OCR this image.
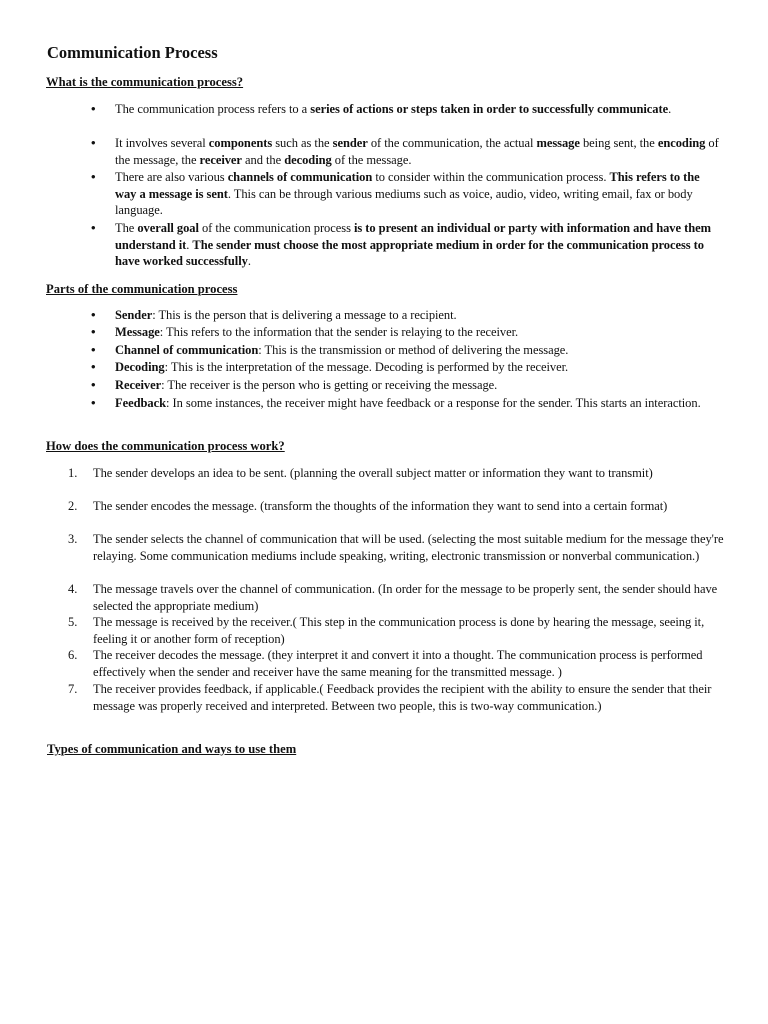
Communication Process
What is the communication process?
•	The communication process refers to a series of actions or steps taken in order to successfully communicate.
•	It involves several components such as the sender of the communication, the actual message being sent, the encoding of the message, the receiver and the decoding of the message.
•	There are also various channels of communication to consider within the communication process. This refers to the way a message is sent. This can be through various mediums such as voice, audio, video, writing email, fax or body language.
•	The overall goal of the communication process is to present an individual or party with information and have them understand it. The sender must choose the most appropriate medium in order for the communication process to have worked successfully.
Parts of the communication process
•	Sender: This is the person that is delivering a message to a recipient.
•	Message: This refers to the information that the sender is relaying to the receiver.
•	Channel of communication: This is the transmission or method of delivering the message.
•	Decoding: This is the interpretation of the message. Decoding is performed by the receiver.
•	Receiver: The receiver is the person who is getting or receiving the message.
•	Feedback: In some instances, the receiver might have feedback or a response for the sender. This starts an interaction.
How does the communication process work?
1.	The sender develops an idea to be sent. (planning the overall subject matter or information they want to transmit)
2.	The sender encodes the message. (transform the thoughts of the information they want to send into a certain format)
3.	The sender selects the channel of communication that will be used. (selecting the most suitable medium for the message they're relaying. Some communication mediums include speaking, writing, electronic transmission or nonverbal communication.)
4.	The message travels over the channel of communication. (In order for the message to be properly sent, the sender should have selected the appropriate medium)
5.	The message is received by the receiver.( This step in the communication process is done by hearing the message, seeing it, feeling it or another form of reception)
6.	The receiver decodes the message. (they interpret it and convert it into a thought. The communication process is performed effectively when the sender and receiver have the same meaning for the transmitted message. )
7.	The receiver provides feedback, if applicable.( Feedback provides the recipient with the ability to ensure the sender that their message was properly received and interpreted. Between two people, this is two-way communication.)
Types of communication and ways to use them
